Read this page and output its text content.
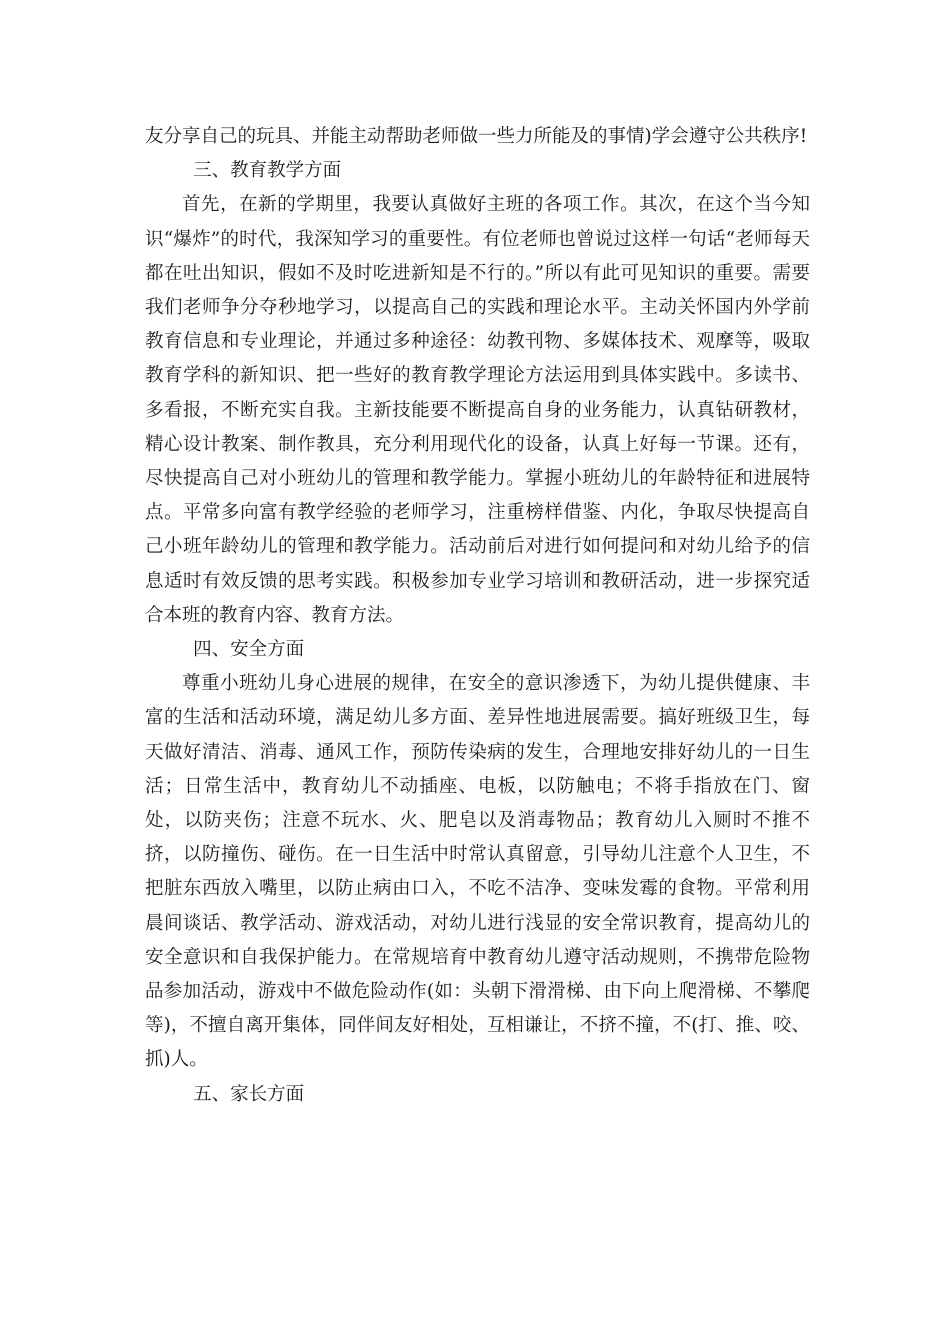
友分享自己的玩具、并能主动帮助老师做一些力所能及的事情)学会遵守公共秩序!

三、教育教学方面

首先，在新的学期里，我要认真做好主班的各项工作。其次，在这个当今知识“爆炸”的时代，我深知学习的重要性。有位老师也曾说过这样一句话“老师每天都在吐出知识，假如不及时吃进新知是不行的。”所以有此可见知识的重要。需要我们老师争分夺秒地学习，以提高自己的实践和理论水平。主动关怀国内外学前教育信息和专业理论，并通过多种途径：幼教刊物、多媒体技术、观摩等，吸取教育学科的新知识、把一些好的教育教学理论方法运用到具体实践中。多读书、多看报，不断充实自我。主新技能要不断提高自身的业务能力，认真钻研教材，精心设计教案、制作教具，充分利用现代化的设备，认真上好每一节课。还有，尽快提高自己对小班幼儿的管理和教学能力。掌握小班幼儿的年龄特征和进展特点。平常多向富有教学经验的老师学习，注重榜样借鉴、内化，争取尽快提高自己小班年龄幼儿的管理和教学能力。活动前后对进行如何提问和对幼儿给予的信息适时有效反馈的思考实践。积极参加专业学习培训和教研活动，进一步探究适合本班的教育内容、教育方法。

四、安全方面

尊重小班幼儿身心进展的规律，在安全的意识渗透下，为幼儿提供健康、丰富的生活和活动环境，满足幼儿多方面、差异性地进展需要。搞好班级卫生，每天做好清洁、消毒、通风工作，预防传染病的发生，合理地安排好幼儿的一日生活；日常生活中，教育幼儿不动插座、电板，以防触电；不将手指放在门、窗处，以防夹伤；注意不玩水、火、肥皂以及消毒物品；教育幼儿入厕时不推不挤，以防撞伤、碰伤。在一日生活中时常认真留意，引导幼儿注意个人卫生，不把脏东西放入嘴里，以防止病由口入，不吃不洁净、变味发霉的食物。平常利用晨间谈话、教学活动、游戏活动，对幼儿进行浅显的安全常识教育，提高幼儿的安全意识和自我保护能力。在常规培育中教育幼儿遵守活动规则，不携带危险物品参加活动，游戏中不做危险动作(如：头朝下滑滑梯、由下向上爬滑梯、不攀爬等)，不擅自离开集体，同伴间友好相处，互相谦让，不挤不撞，不(打、推、咬、抓)人。

五、家长方面
